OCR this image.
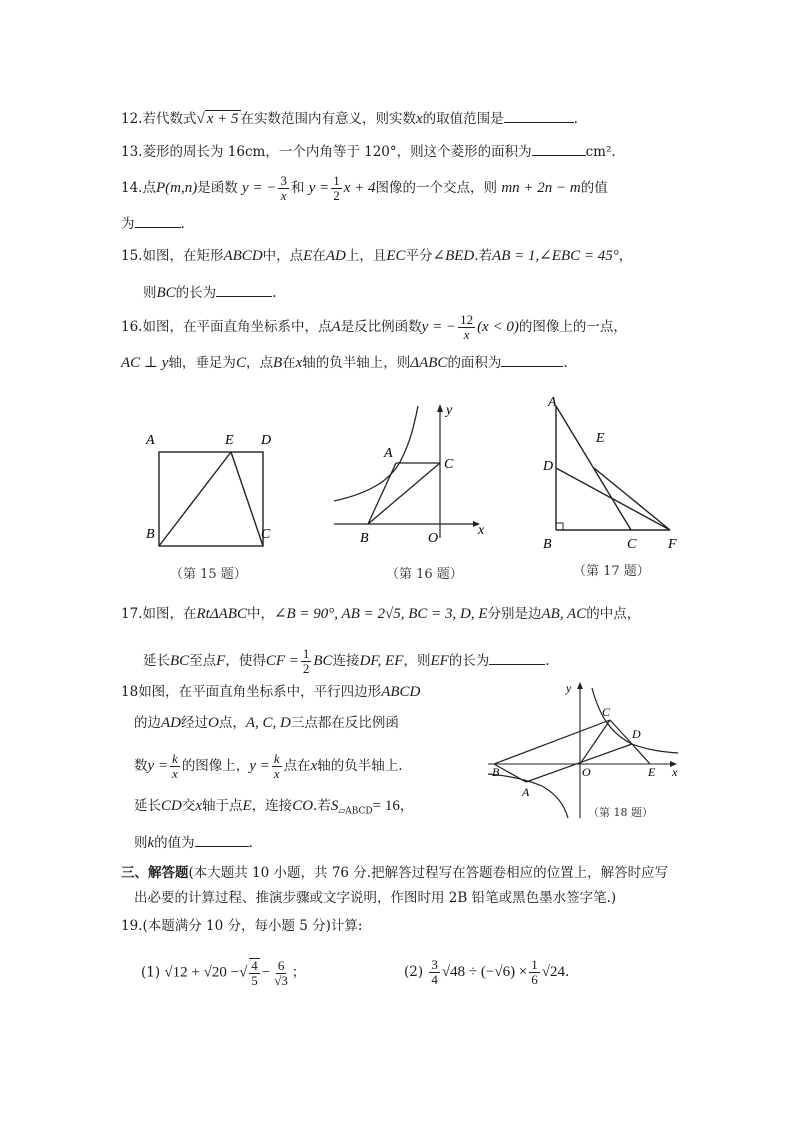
12.若代数式√ x + 5 在实数范围内有意义，则实数x的取值范围是	.
13.菱形的周长为 16cm，一个内角等于 120°，则这个菱形的面积为	cm².
14.点P(m,n)是函数 y = − $\frac{3}{x}$ 和 $y = \frac{1}{2}$ x + 4图像的一个交点，则 mn + 2n − m的值
为	.
15.如图，在矩形ABCD中，点E在AD上，且EC平分∠BED.若AB = 1,∠EBC = 45°，
则BC的长为	.
16.如图，在平面直角坐标系中，点A是反比例函数y = − $\frac{12}{x} (x < 0)$的图像上的一点，
AC ⊥ y轴，垂足为C，点B在x轴的负半轴上，则ΔABC的面积为	.
A	E D
B	C
（第 15 题）
A
C
B	O
x
y
（第 16 题）
A
D
E
B	C F
（第 17 题）
17.如图，在RtΔABC中，∠B = 90°, AB = 2√5, BC = 3, D, E分别是边AB, AC的中点，
延长BC至点F，使得CF = $\frac{1}{2}$ BC连接DF, EF，则EF的长为	.
18如图，在平面直角坐标系中，平行四边形ABCD
的边AD经过O点，A, C, D三点都在反比例函
数$y = \frac{k}{x}$ 的图像上，$y = \frac{k}{x}$ 点在x轴的负半轴上.
延长CD交x轴于点E，连接CO.若$S_{▱ABCD}= 16$，
则k的值为	.
y
C
D
B	O	E x
A
（第 18 题）
三、解答题(本大题共 10 小题，共 76 分.把解答过程写在答题卷相应的位置上，解答时应写
出必要的计算过程、推演步骤或文字说明，作图时用 2B 铅笔或黑色墨水签字笔.)
19.(本题满分 10 分，每小题 5 分)计算:
(1) √12 + √20 −√ $\frac{4}{5} - \frac{6}{√3}$ ；	$(2) \frac{3}{4} √48 \div (-√6) \times \frac{1}{6} √24$.
